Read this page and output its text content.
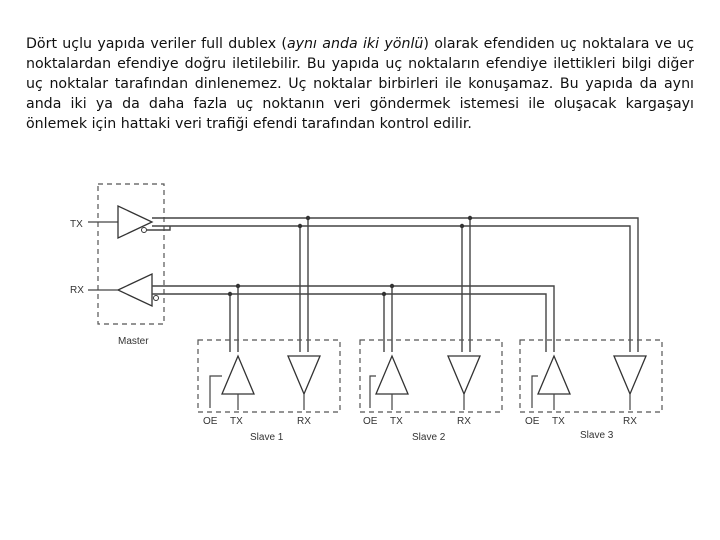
Dört uçlu yapıda veriler full dublex (aynı anda iki yönlü) olarak efendiden uç noktalara ve uç noktalardan efendiye doğru iletilebilir. Bu yapıda uç noktaların efendiye ilettikleri bilgi diğer uç noktalar tarafından dinlenemez. Uç noktalar birbirleri ile konuşamaz. Bu yapıda da aynı anda iki ya da daha fazla uç noktanın veri göndermek istemesi ile oluşacak kargaşayı önlemek için hattaki veri trafiği efendi tarafından kontrol edilir.
Master
TX
RX
OE TX	RX
Slave 1
OE TX	RX
Slave 2
OE TX	RX
Slave 3
